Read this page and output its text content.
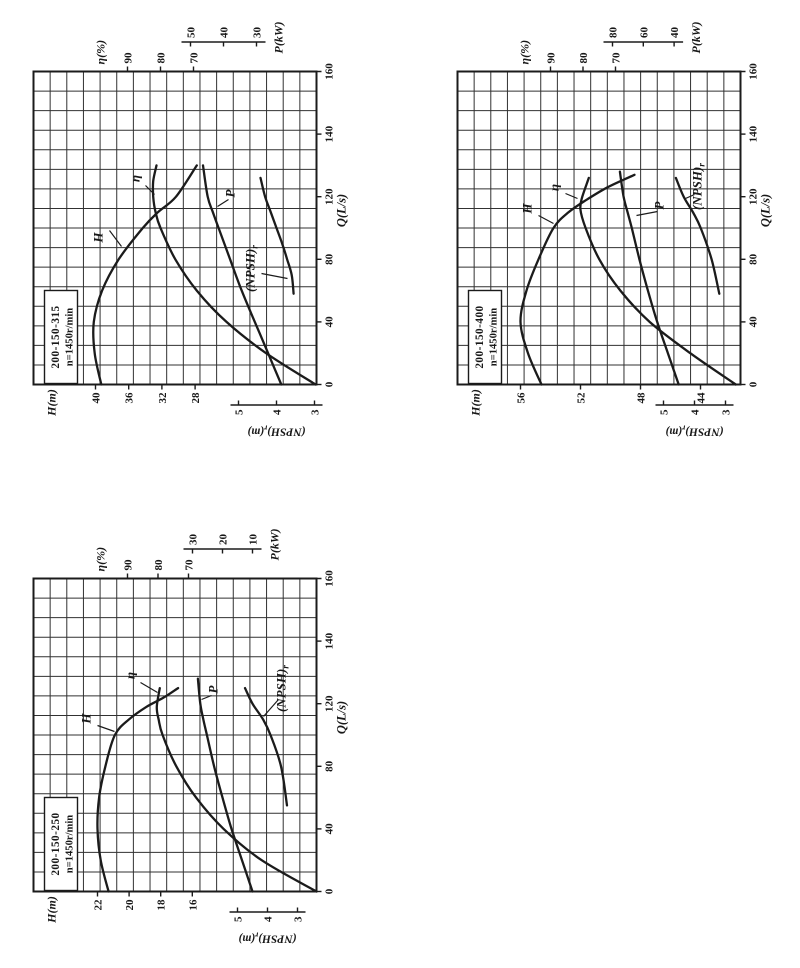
0
40
80
120
140
160
Q(L/s)
40 36 32 28
H(m)
90 80 70
η(%)
50 40 30 P(kW)
5 4 3
$(NPSH)_r(m)$
200-150-315 n=1450r/min
H
η
P
$(NPSH)_r$
0
40
80
120
140
160
Q(L/s)
56	52	48	44
H(m)
90 80 70
η(%)
80 60 40 P(kW)
5 4 3
$(NPSH)_r(m)$
200-150-400 n=1450r/min
H
η
P $(NPSH)_r$
0
40
80
120
140
160
Q(L/s)
22 20 18 16
H(m)
90 80 70
η(%)
30 20 10 P(kW)
5 4 3
$(NPSH)_r(m)$
200-150-250 n=1450r/min
H
η
P	$(NPSH)_r$
